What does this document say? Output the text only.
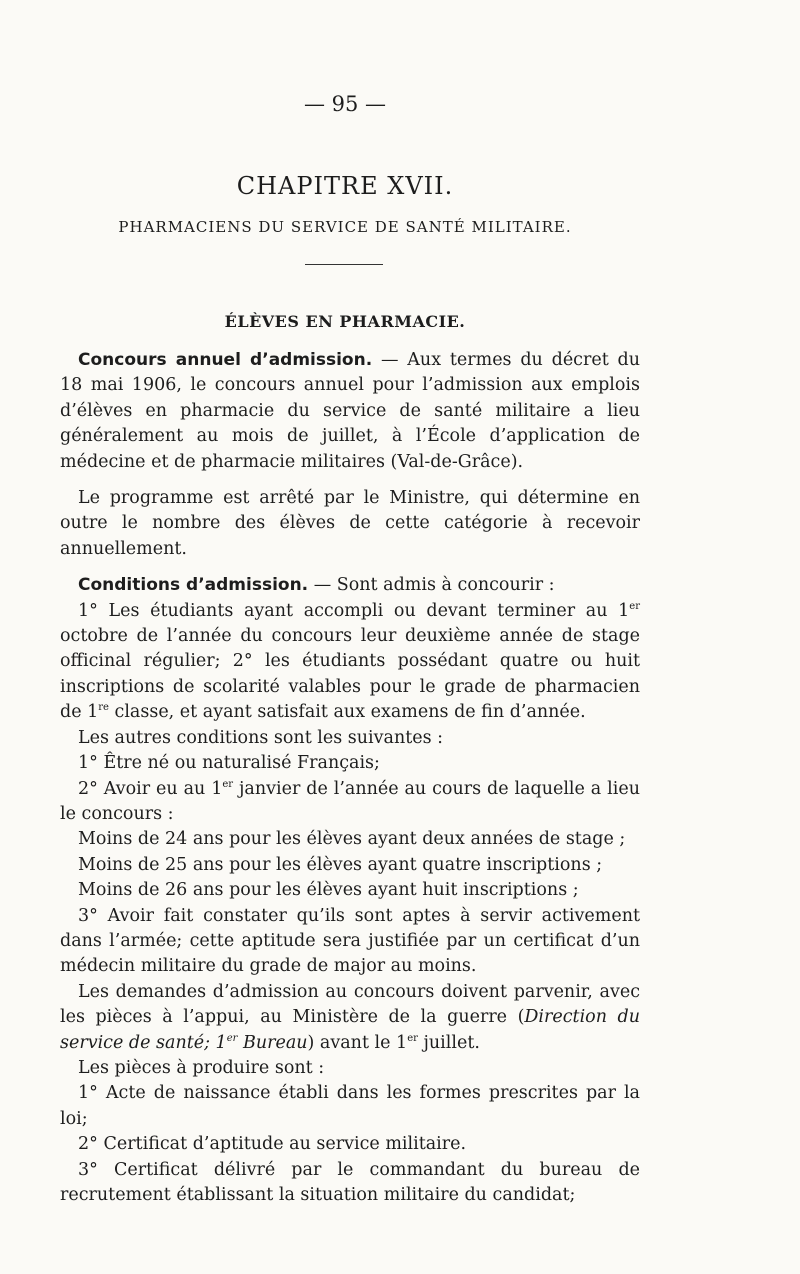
— 95 —
CHAPITRE XVII.
PHARMACIENS DU SERVICE DE SANTÉ MILITAIRE.
ÉLÈVES EN PHARMACIE.

Concours annuel d’admission. — Aux termes du décret du 18 mai 1906, le concours annuel pour l’admission aux emplois d’élèves en pharmacie du service de santé militaire a lieu généralement au mois de juillet, à l’École d’application de médecine et de pharmacie militaires (Val-de-Grâce).

Le programme est arrêté par le Ministre, qui détermine en outre le nombre des élèves de cette catégorie à recevoir annuellement.

Conditions d’admission. — Sont admis à concourir :

1° Les étudiants ayant accompli ou devant terminer au 1er octobre de l’année du concours leur deuxième année de stage officinal régulier; 2° les étudiants possédant quatre ou huit inscriptions de scolarité valables pour le grade de pharmacien de 1re classe, et ayant satisfait aux examens de fin d’année.

Les autres conditions sont les suivantes :

1° Être né ou naturalisé Français;

2° Avoir eu au 1er janvier de l’année au cours de laquelle a lieu le concours :

Moins de 24 ans pour les élèves ayant deux années de stage ;

Moins de 25 ans pour les élèves ayant quatre inscriptions ;

Moins de 26 ans pour les élèves ayant huit inscriptions ;

3° Avoir fait constater qu’ils sont aptes à servir activement dans l’armée; cette aptitude sera justifiée par un certificat d’un médecin militaire du grade de major au moins.

Les demandes d’admission au concours doivent parvenir, avec les pièces à l’appui, au Ministère de la guerre (Direction du service de santé; 1er Bureau) avant le 1er juillet.

Les pièces à produire sont :

1° Acte de naissance établi dans les formes prescrites par la loi;

2° Certificat d’aptitude au service militaire.

3° Certificat délivré par le commandant du bureau de recrutement établissant la situation militaire du candidat;
